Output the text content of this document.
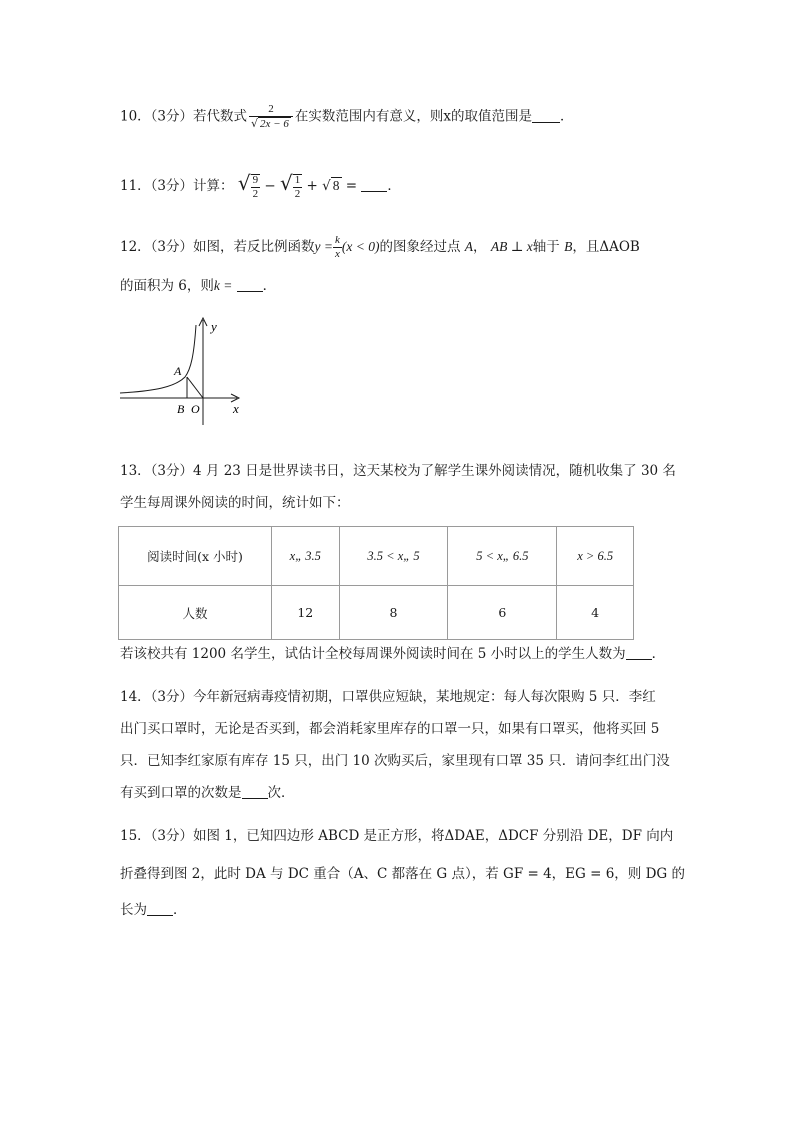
10．（3分）若代数式 $\frac{2}{√ 2x - 6}$ 在实数范围内有意义，则x的取值范围是 ．
11．（3分）计算： √ $\frac{9}{2}$ − √ $\frac{1}{2}$ + √ 8 = ．
12．（3分）如图，若反比例函数$y = \frac{k}{x} (x < 0)$的图象经过点 A， AB ⊥ x轴于 B，且ΔAOB
的面积为 6，则k = ．
y
A
B O	x
13．（3分）4 月 23 日是世界读书日，这天某校为了解学生课外阅读情况，随机收集了 30 名
学生每周课外阅读的时间，统计如下：
阅读时间(x 小时)	x„ 3.5	3.5 < x„ 5	5 < x„ 6.5	x > 6.5
人数	12	8	6	4
若该校共有 1200 名学生，试估计全校每周课外阅读时间在 5 小时以上的学生人数为 ．
14．（3分）今年新冠病毒疫情初期，口罩供应短缺，某地规定：每人每次限购 5 只．李红
出门买口罩时，无论是否买到，都会消耗家里库存的口罩一只，如果有口罩买，他将买回 5
只．已知李红家原有库存 15 只，出门 10 次购买后，家里现有口罩 35 只．请问李红出门没
有买到口罩的次数是 次．
15．（3分）如图 1，已知四边形 ABCD 是正方形，将ΔDAE，ΔDCF 分别沿 DE，DF 向内
折叠得到图 2，此时 DA 与 DC 重合（A、C 都落在 G 点），若 GF = 4，EG = 6，则 DG 的
长为 ．
